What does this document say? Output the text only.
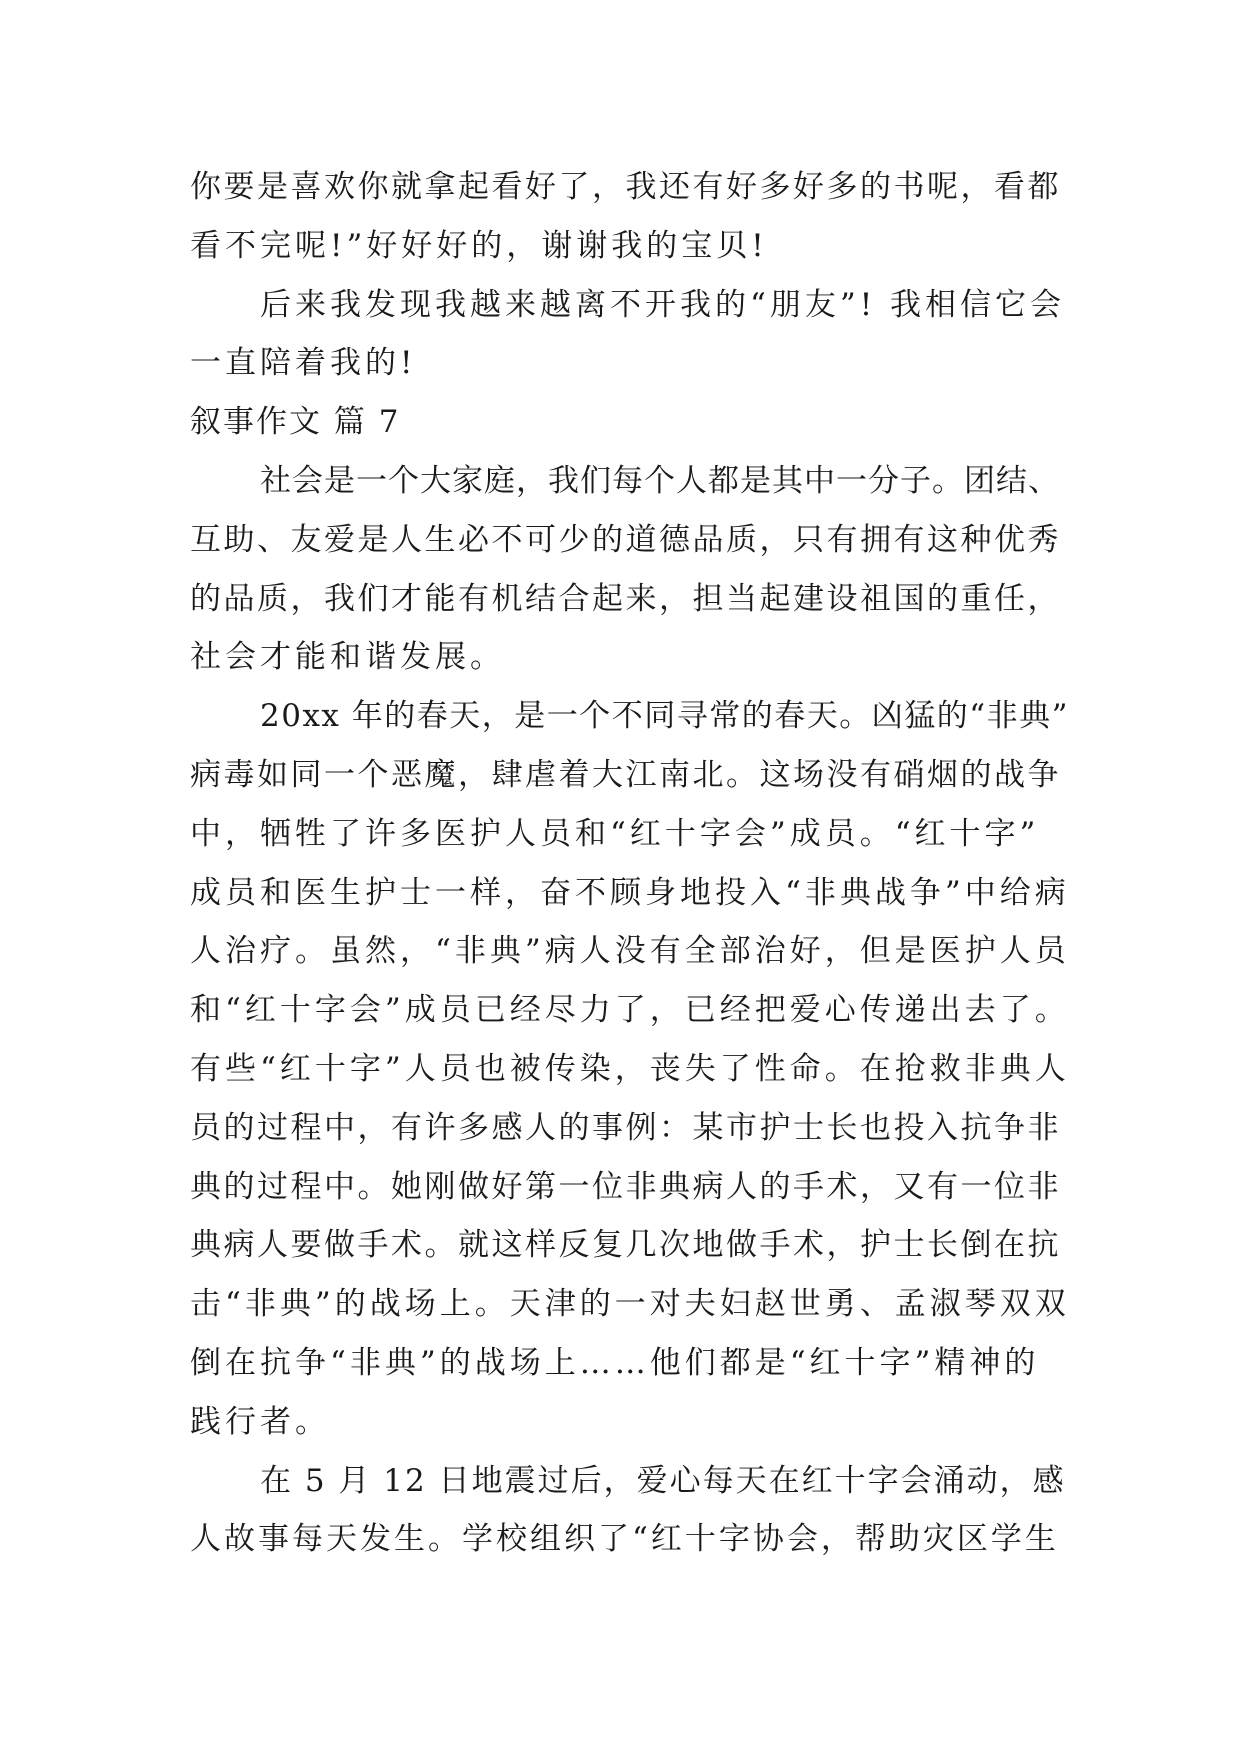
你要是喜欢你就拿起看好了，我还有好多好多的书呢，看都
看不完呢!”好好好的，谢谢我的宝贝!
后来我发现我越来越离不开我的“朋友”! 我相信它会
一直陪着我的!
叙事作文 篇 7
社会是一个大家庭，我们每个人都是其中一分子。团结、
互助、友爱是人生必不可少的道德品质，只有拥有这种优秀
的品质，我们才能有机结合起来，担当起建设祖国的重任，
社会才能和谐发展。
20xx 年的春天，是一个不同寻常的春天。凶猛的“非典”
病毒如同一个恶魔，肆虐着大江南北。这场没有硝烟的战争
中，牺牲了许多医护人员和“红十字会”成员。“红十字”
成员和医生护士一样，奋不顾身地投入“非典战争”中给病
人治疗。虽然，“非典”病人没有全部治好，但是医护人员
和“红十字会”成员已经尽力了，已经把爱心传递出去了。
有些“红十字”人员也被传染，丧失了性命。在抢救非典人
员的过程中，有许多感人的事例：某市护士长也投入抗争非
典的过程中。她刚做好第一位非典病人的手术，又有一位非
典病人要做手术。就这样反复几次地做手术，护士长倒在抗
击“非典”的战场上。天津的一对夫妇赵世勇、孟淑琴双双
倒在抗争“非典”的战场上……他们都是“红十字”精神的
践行者。
在 5 月 12 日地震过后，爱心每天在红十字会涌动，感
人故事每天发生。学校组织了“红十字协会，帮助灾区学生
